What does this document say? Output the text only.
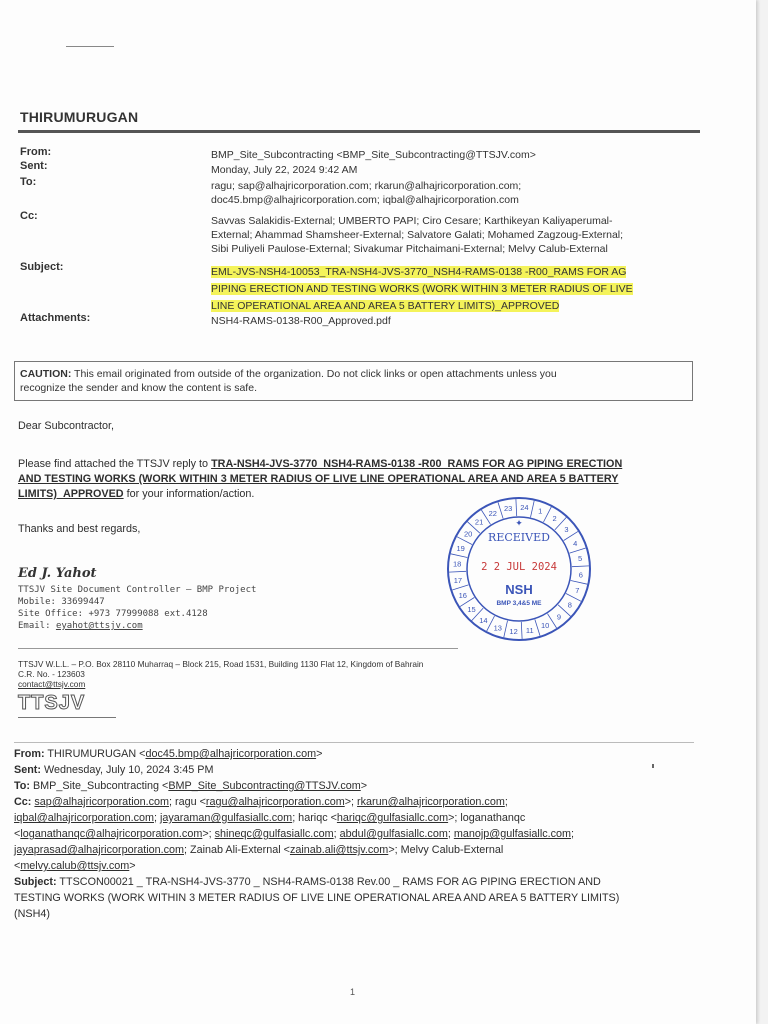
THIRUMURUGAN
From:	BMP_Site_Subcontracting <BMP_Site_Subcontracting@TTSJV.com>
Sent:	Monday, July 22, 2024 9:42 AM
To:	ragu; sap@alhajricorporation.com; rkarun@alhajricorporation.com;
doc45.bmp@alhajricorporation.com; iqbal@alhajricorporation.com
Cc:	Savvas Salakidis-External; UMBERTO PAPI; Ciro Cesare; Karthikeyan Kaliyaperumal-
External; Ahammad Shamsheer-External; Salvatore Galati; Mohamed Zagzoug-External;
Sibi Puliyeli Paulose-External; Sivakumar Pitchaimani-External; Melvy Calub-External
Subject:	EML-JVS-NSH4-10053_TRA-NSH4-JVS-3770_NSH4-RAMS-0138 -R00_RAMS FOR AG
PIPING ERECTION AND TESTING WORKS (WORK WITHIN 3 METER RADIUS OF LIVE
LINE OPERATIONAL AREA AND AREA 5 BATTERY LIMITS)_APPROVED
Attachments:	NSH4-RAMS-0138-R00_Approved.pdf
CAUTION: This email originated from outside of the organization. Do not click links or open attachments unless you
recognize the sender and know the content is safe.
Dear Subcontractor,
Please find attached the TTSJV reply to TRA-NSH4-JVS-3770_NSH4-RAMS-0138 -R00_RAMS FOR AG PIPING ERECTION
AND TESTING WORKS (WORK WITHIN 3 METER RADIUS OF LIVE LINE OPERATIONAL AREA AND AREA 5 BATTERY
LIMITS)_APPROVED for your information/action.
Thanks and best regards,
Ed J. Yahot
TTSJV Site Document Controller – BMP Project
Mobile: 33699447
Site Office: +973 77999088 ext.4128
Email: eyahot@ttsjv.com
TTSJV W.L.L. – P.O. Box 28110 Muharraq – Block 215, Road 1531, Building 1130 Flat 12, Kingdom of Bahrain
C.R. No. - 123603
contact@ttsjv.com
TTSJV
1
2
3
4
5
6
7
8
9
10
11
12
13
14
15
16
17
18
19
20
21
22
23 24
✦
RECEIVED
2 2 JUL 2024
NSH
BMP 3,4&5 ME
From: THIRUMURUGAN <doc45.bmp@alhajricorporation.com>
Sent: Wednesday, July 10, 2024 3:45 PM
To: BMP_Site_Subcontracting <BMP_Site_Subcontracting@TTSJV.com>
Cc: sap@alhajricorporation.com; ragu <ragu@alhajricorporation.com>; rkarun@alhajricorporation.com;
iqbal@alhajricorporation.com; jayaraman@gulfasiallc.com; hariqc <hariqc@gulfasiallc.com>; loganathanqc
<loganathanqc@alhajricorporation.com>; shineqc@gulfasiallc.com; abdul@gulfasiallc.com; manojp@gulfasiallc.com;
jayaprasad@alhajricorporation.com; Zainab Ali-External <zainab.ali@ttsjv.com>; Melvy Calub-External
<melvy.calub@ttsjv.com>
Subject: TTSCON00021 _ TRA-NSH4-JVS-3770 _ NSH4-RAMS-0138 Rev.00 _ RAMS FOR AG PIPING ERECTION AND
TESTING WORKS (WORK WITHIN 3 METER RADIUS OF LIVE LINE OPERATIONAL AREA AND AREA 5 BATTERY LIMITS)
(NSH4)
1
